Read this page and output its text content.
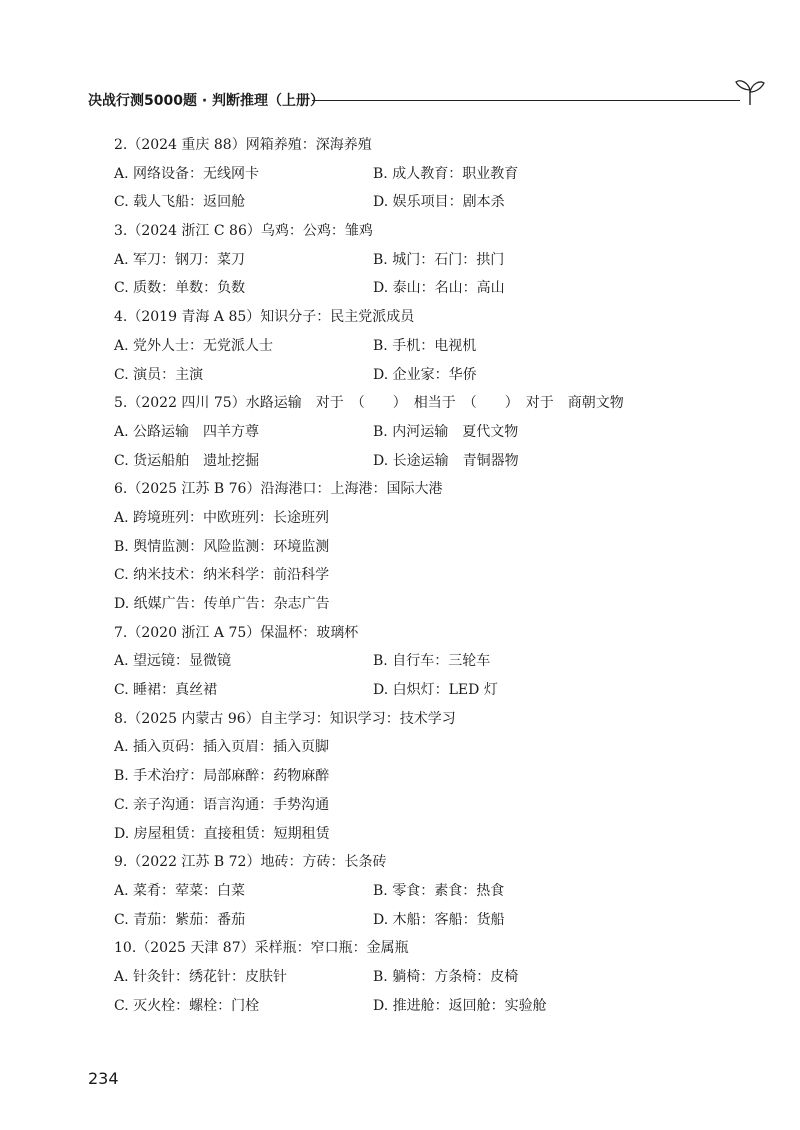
决战行测5000题 · 判断推理（上册）
2.（2024 重庆 88）网箱养殖：深海养殖
A. 网络设备：无线网卡	B. 成人教育：职业教育
C. 载人飞船：返回舱	D. 娱乐项目：剧本杀
3.（2024 浙江 C 86）乌鸡：公鸡：雏鸡
A. 军刀：钢刀：菜刀	B. 城门：石门：拱门
C. 质数：单数：负数	D. 泰山：名山：高山
4.（2019 青海 A 85）知识分子：民主党派成员
A. 党外人士：无党派人士	B. 手机：电视机
C. 演员：主演	D. 企业家：华侨
5.（2022 四川 75）水路运输　对于　（　　）　相当于　（　　）　对于　商朝文物
A. 公路运输　四羊方尊	B. 内河运输　夏代文物
C. 货运船舶　遗址挖掘	D. 长途运输　青铜器物
6.（2025 江苏 B 76）沿海港口：上海港：国际大港
A. 跨境班列：中欧班列：长途班列
B. 舆情监测：风险监测：环境监测
C. 纳米技术：纳米科学：前沿科学
D. 纸媒广告：传单广告：杂志广告
7.（2020 浙江 A 75）保温杯：玻璃杯
A. 望远镜：显微镜	B. 自行车：三轮车
C. 睡裙：真丝裙	D. 白炽灯：LED 灯
8.（2025 内蒙古 96）自主学习：知识学习：技术学习
A. 插入页码：插入页眉：插入页脚
B. 手术治疗：局部麻醉：药物麻醉
C. 亲子沟通：语言沟通：手势沟通
D. 房屋租赁：直接租赁：短期租赁
9.（2022 江苏 B 72）地砖：方砖：长条砖
A. 菜肴：荤菜：白菜	B. 零食：素食：热食
C. 青茄：紫茄：番茄	D. 木船：客船：货船
10.（2025 天津 87）采样瓶：窄口瓶：金属瓶
A. 针灸针：绣花针：皮肤针	B. 躺椅：方条椅：皮椅
C. 灭火栓：螺栓：门栓	D. 推进舱：返回舱：实验舱
234
